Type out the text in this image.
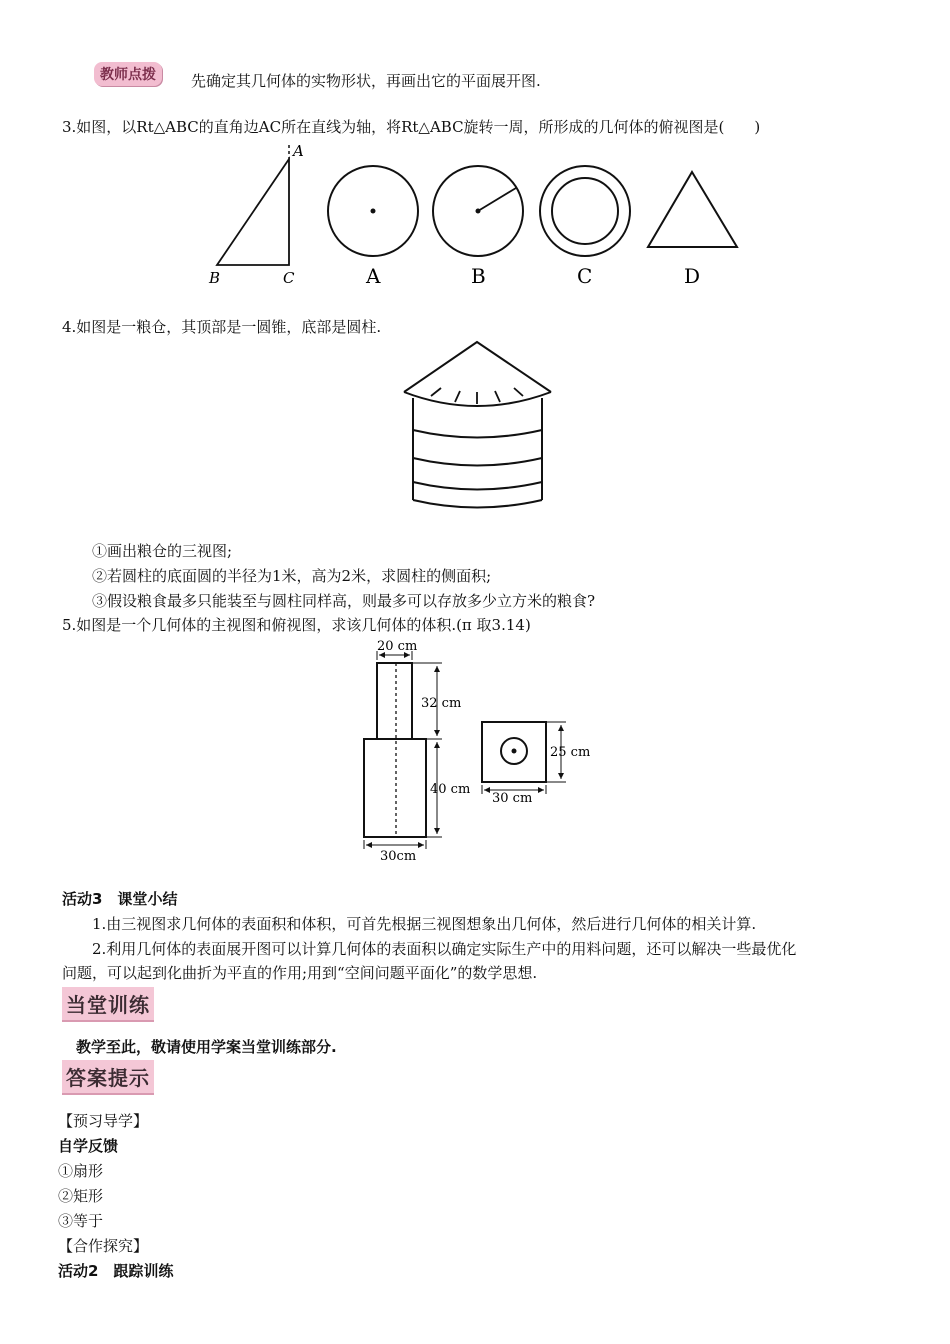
教师点拨	先确定其几何体的实物形状，再画出它的平面展开图.
3.如图，以Rt△ABC的直角边AC所在直线为轴，将Rt△ABC旋转一周，所形成的几何体的俯视图是(　　)
A
B	C	A	B	C	D
4.如图是一粮仓，其顶部是一圆锥，底部是圆柱.
①画出粮仓的三视图;
②若圆柱的底面圆的半径为1米，高为2米，求圆柱的侧面积;
③假设粮食最多只能装至与圆柱同样高，则最多可以存放多少立方米的粮食?
5.如图是一个几何体的主视图和俯视图，求该几何体的体积.(π 取3.14)
20 cm
32 cm
40 cm
30cm
25 cm
30 cm
活动3　课堂小结
1.由三视图求几何体的表面积和体积，可首先根据三视图想象出几何体，然后进行几何体的相关计算.
2.利用几何体的表面展开图可以计算几何体的表面积以确定实际生产中的用料问题，还可以解决一些最优化
问题，可以起到化曲折为平直的作用;用到“空间问题平面化”的数学思想.
当堂训练
教学至此，敬请使用学案当堂训练部分.
答案提示
【预习导学】
自学反馈
①扇形
②矩形
③等于
【合作探究】
活动2　跟踪训练
